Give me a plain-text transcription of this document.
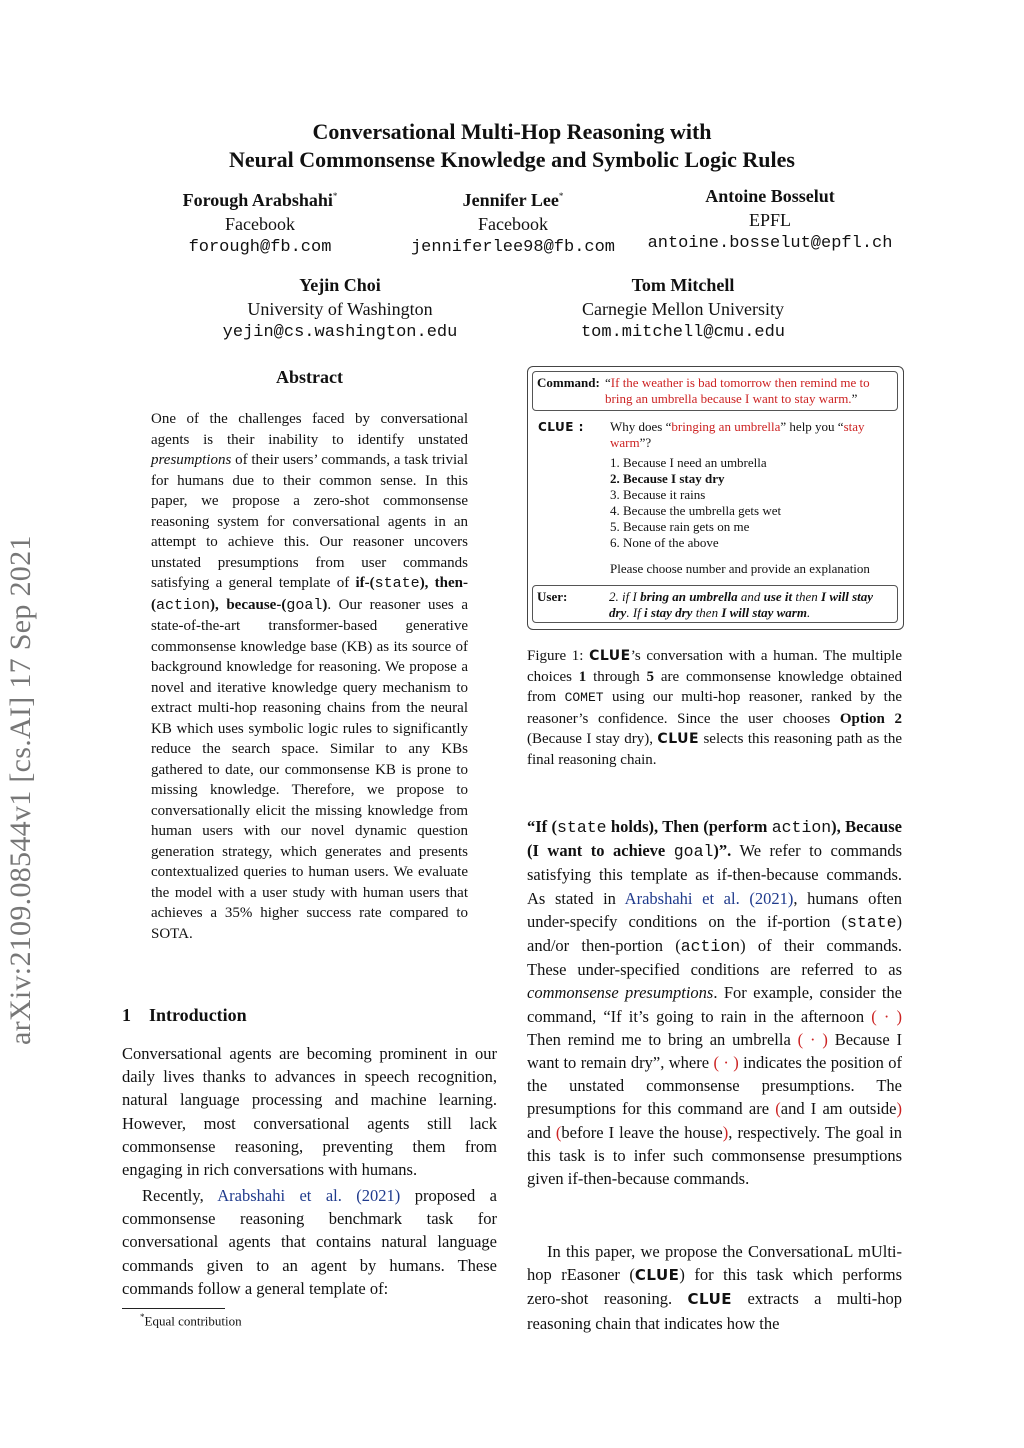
arXiv:2109.08544v1 [cs.AI] 17 Sep 2021
Conversational Multi-Hop Reasoning with
Neural Commonsense Knowledge and Symbolic Logic Rules
Forough Arabshahi*
Facebook
forough@fb.com
Jennifer Lee*
Facebook
jenniferlee98@fb.com
Antoine Bosselut
EPFL
antoine.bosselut@epfl.ch
Yejin Choi
University of Washington
yejin@cs.washington.edu
Tom Mitchell
Carnegie Mellon University
tom.mitchell@cmu.edu
Abstract
One of the challenges faced by conversational agents is their inability to identify unstated presumptions of their users’ commands, a task trivial for humans due to their common sense. In this paper, we propose a zero-shot commonsense reasoning system for conversational agents in an attempt to achieve this. Our reasoner uncovers unstated presumptions from user commands satisfying a general template of if-(state), then-(action), because-(goal). Our reasoner uses a state-of-the-art transformer-based generative commonsense knowledge base (KB) as its source of background knowledge for reasoning. We propose a novel and iterative knowledge query mechanism to extract multi-hop reasoning chains from the neural KB which uses symbolic logic rules to significantly reduce the search space. Similar to any KBs gathered to date, our commonsense KB is prone to missing knowledge. Therefore, we propose to conversationally elicit the missing knowledge from human users with our novel dynamic question generation strategy, which generates and presents contextualized queries to human users. We evaluate the model with a user study with human users that achieves a 35% higher success rate compared to SOTA.
1 Introduction
Conversational agents are becoming prominent in our daily lives thanks to advances in speech recognition, natural language processing and machine learning. However, most conversational agents still lack commonsense reasoning, preventing them from engaging in rich conversations with humans.
Recently, Arabshahi et al. (2021) proposed a commonsense reasoning benchmark task for conversational agents that contains natural language commands given to an agent by humans. These commands follow a general template of:
*Equal contribution
Command: “If the weather is bad tomorrow then remind me to bring an umbrella because I want to stay warm.”
CLUE : Why does “bringing an umbrella” help you “stay warm”?
1. Because I need an umbrella
2. Because I stay dry
3. Because it rains
4. Because the umbrella gets wet
5. Because rain gets on me
6. None of the above
Please choose number and provide an explanation
User:	2. if I bring an umbrella and use it then I will stay dry. If i stay dry then I will stay warm.
Figure 1: CLUE’s conversation with a human. The multiple choices 1 through 5 are commonsense knowledge obtained from COMET using our multi-hop reasoner, ranked by the reasoner’s confidence. Since the user chooses Option 2 (Because I stay dry), CLUE selects this reasoning path as the final reasoning chain.
“If (state holds), Then (perform action), Because (I want to achieve goal)”. We refer to commands satisfying this template as if-then-because commands. As stated in Arabshahi et al. (2021), humans often under-specify conditions on the if-portion (state) and/or then-portion (action) of their commands. These under-specified conditions are referred to as commonsense presumptions. For example, consider the command, “If it’s going to rain in the afternoon ( · ) Then remind me to bring an umbrella ( · ) Because I want to remain dry”, where ( · ) indicates the position of the unstated commonsense presumptions. The presumptions for this command are (and I am outside) and (before I leave the house), respectively. The goal in this task is to infer such commonsense presumptions given if-then-because commands.
In this paper, we propose the ConversationaL mUlti-hop rEasoner (CLUE) for this task which performs zero-shot reasoning. CLUE extracts a multi-hop reasoning chain that indicates how the
